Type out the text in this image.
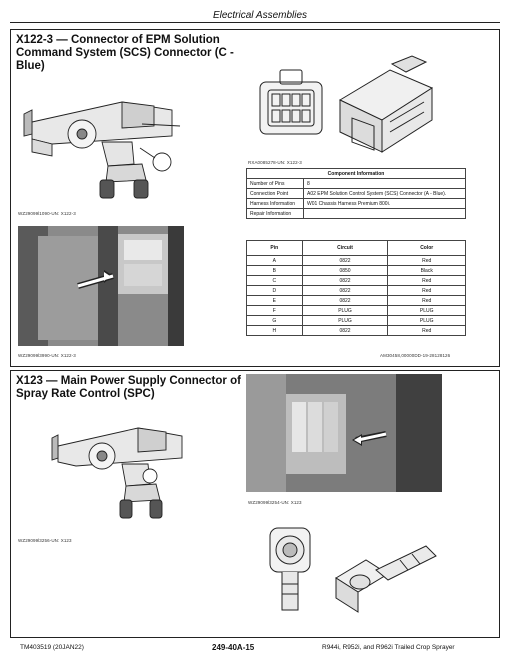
Electrical Assemblies
X122-3 — Connector of EPM Solution
Command System (SCS) Connector (C -
Blue)
WZ29099l1090-UN: X122-3
WZ29099l3990-UN: X122-3
RXA0085278-UN: X122-3
Component Information	
Number of Pins	8
Connection Point	A02 EPM Solution Control System (SCS) Connector (A - Blue).
Harness Information	W01 Chassis Harness Premium 800i.
Repair Information	
Pin	Circuit	Color
A	0822	Red
B	0850	Black
C	0822	Red
D	0822	Red
E	0822	Red
F	PLUG	PLUG
G	PLUG	PLUG
H	0822	Red
AM30458,00000DD-19-28128126
X123 — Main Power Supply Connector of
Spray Rate Control (SPC)
WZ29099l3256-UN: X123
WZ29099l3254-UN: X123
TM403519 (20JAN22)	249-40A-15	R944i, R952i, and R962i Trailed Crop Sprayer
